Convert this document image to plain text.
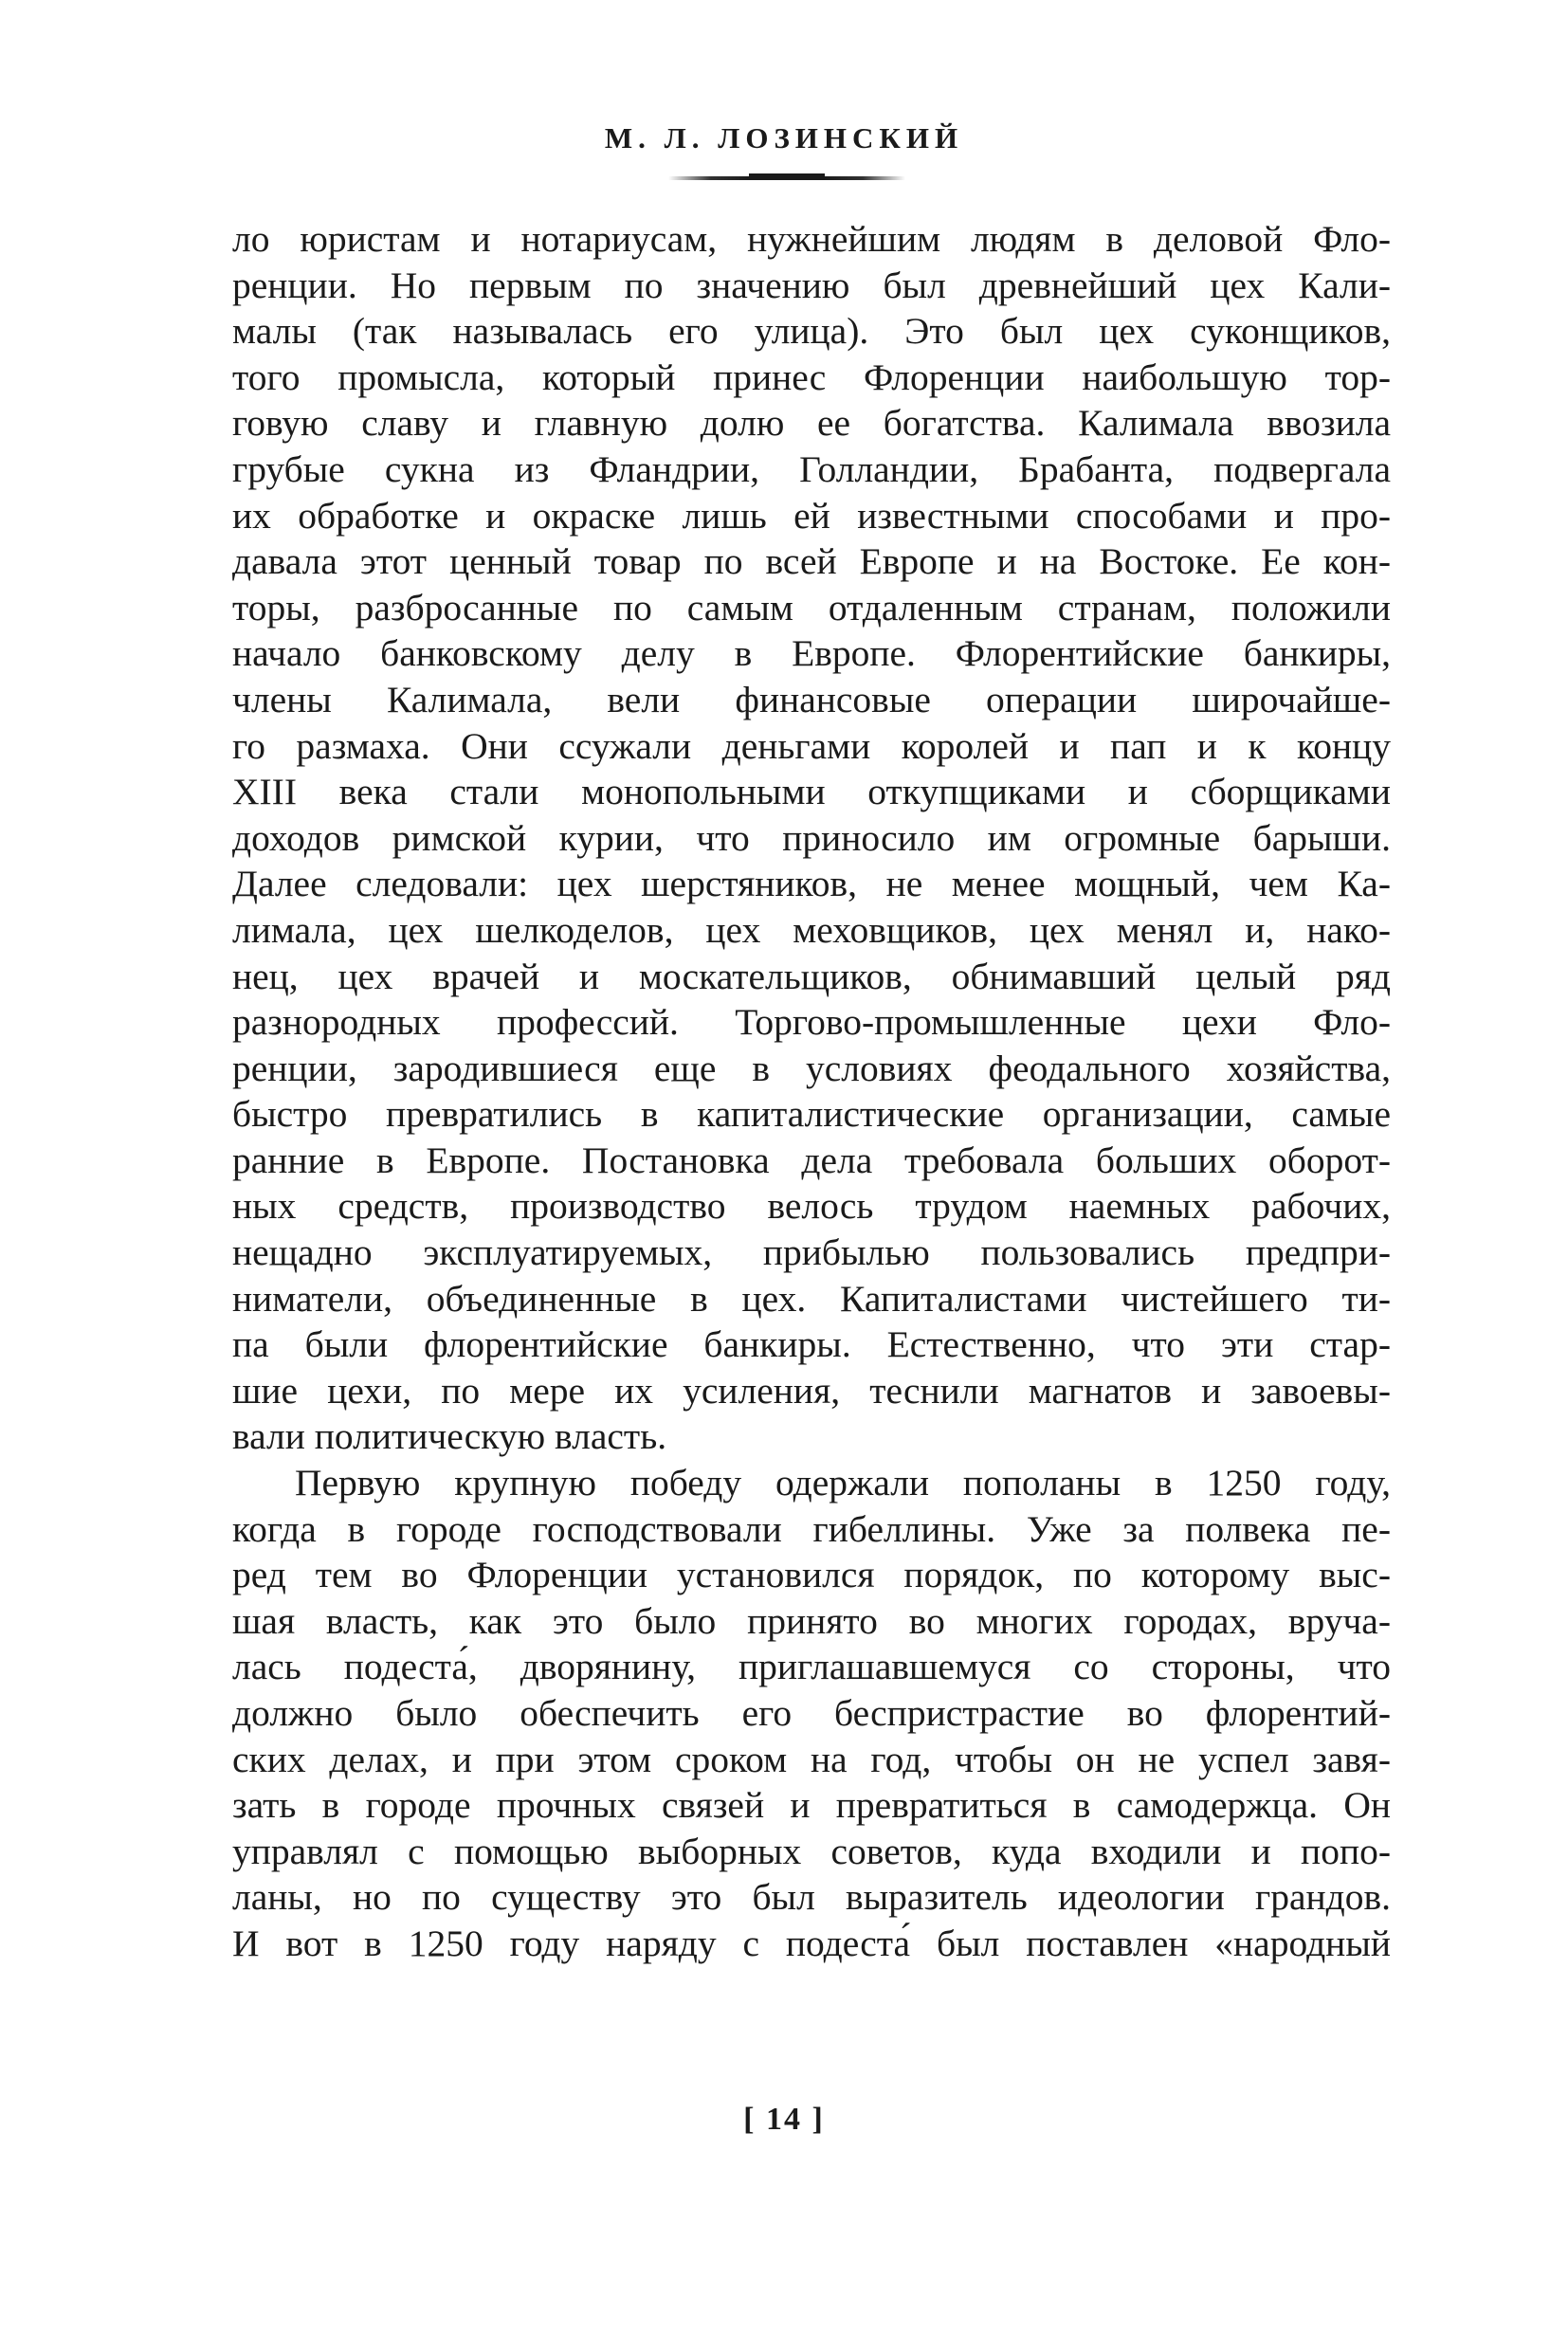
М. Л. ЛОЗИНСКИЙ
ло юристам и нотариусам, нужнейшим людям в деловой Фло-
ренции. Но первым по значению был древнейший цех Кали-
малы (так называлась его улица). Это был цех суконщиков,
того промысла, который принес Флоренции наибольшую тор-
говую славу и главную долю ее богатства. Калимала ввозила
грубые сукна из Фландрии, Голландии, Брабанта, подвергала
их обработке и окраске лишь ей известными способами и про-
давала этот ценный товар по всей Европе и на Востоке. Ее кон-
торы, разбросанные по самым отдаленным странам, положили
начало банковскому делу в Европе. Флорентийские банкиры,
члены Калимала, вели финансовые операции широчайше-
го размаха. Они ссужали деньгами королей и пап и к концу
XIII века стали монопольными откупщиками и сборщиками
доходов римской курии, что приносило им огромные барыши.
Далее следовали: цех шерстяников, не менее мощный, чем Ка-
лимала, цех шелкоделов, цех меховщиков, цех менял и, нако-
нец, цех врачей и москательщиков, обнимавший целый ряд
разнородных профессий. Торгово-промышленные цехи Фло-
ренции, зародившиеся еще в условиях феодального хозяйства,
быстро превратились в капиталистические организации, самые
ранние в Европе. Постановка дела требовала больших оборот-
ных средств, производство велось трудом наемных рабочих,
нещадно эксплуатируемых, прибылью пользовались предпри-
ниматели, объединенные в цех. Капиталистами чистейшего ти-
па были флорентийские банкиры. Естественно, что эти стар-
шие цехи, по мере их усиления, теснили магнатов и завоевы-
вали политическую власть.
Первую крупную победу одержали пополаны в 1250 году,
когда в городе господствовали гибеллины. Уже за полвека пе-
ред тем во Флоренции установился порядок, по которому выс-
шая власть, как это было принято во многих городах, вруча-
лась подеста́, дворянину, приглашавшемуся со стороны, что
должно было обеспечить его беспристрастие во флорентий-
ских делах, и при этом сроком на год, чтобы он не успел завя-
зать в городе прочных связей и превратиться в самодержца. Он
управлял с помощью выборных советов, куда входили и попо-
ланы, но по существу это был выразитель идеологии грандов.
И вот в 1250 году наряду с подеста́ был поставлен «народный
[ 14 ]
